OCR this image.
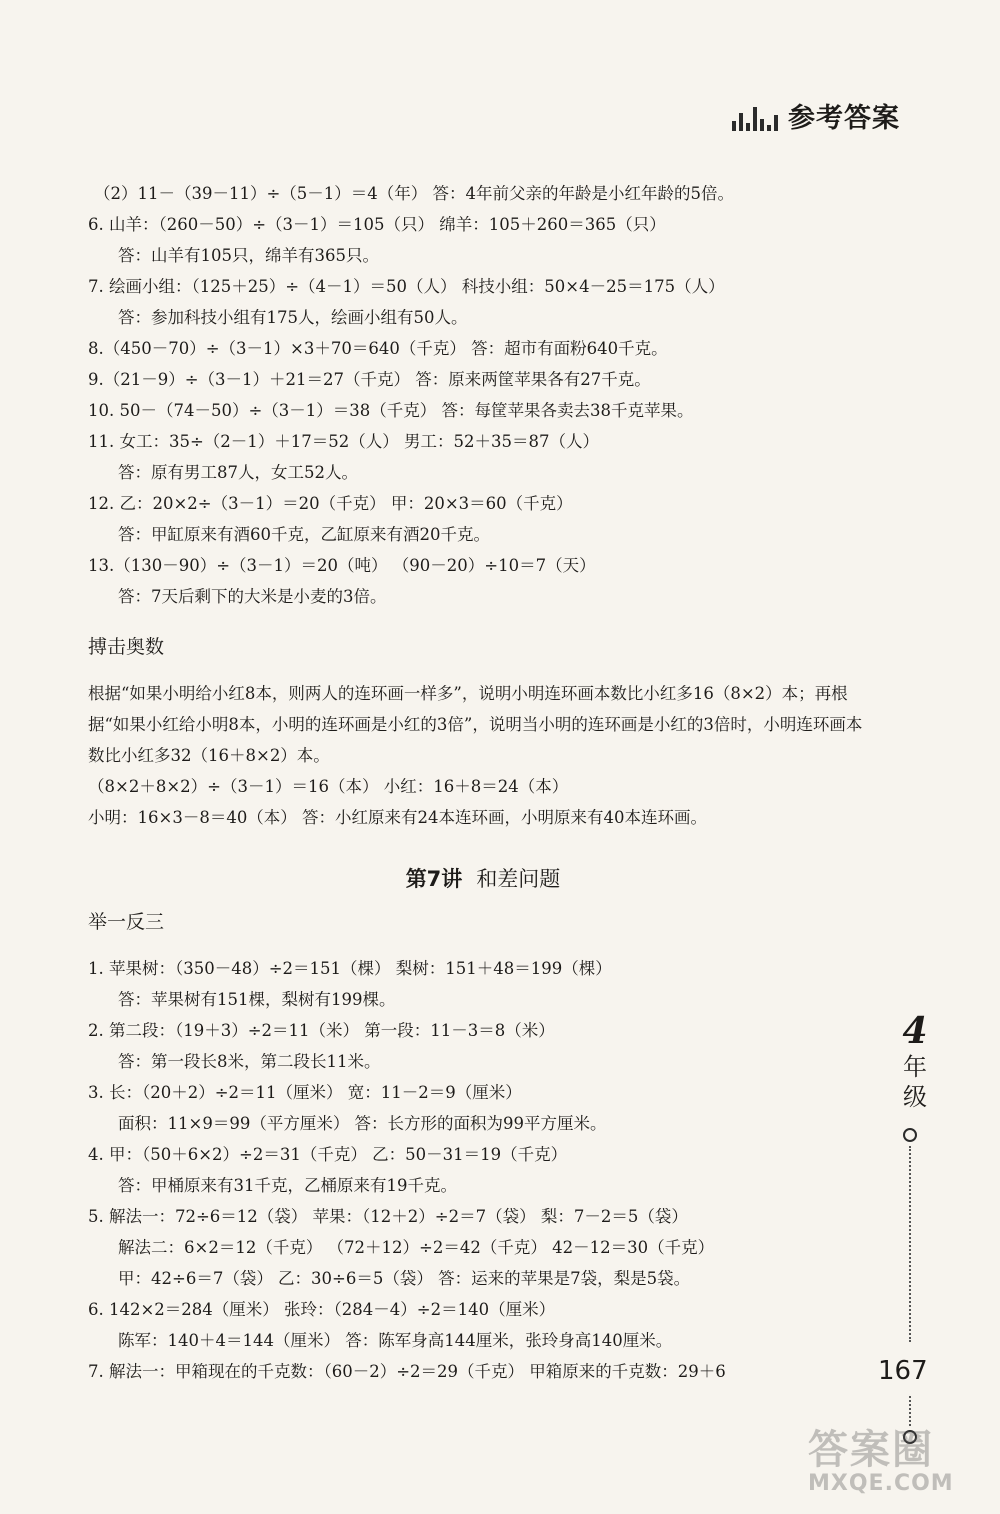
参考答案
（2）11－（39－11）÷（5－1）＝4（年） 答：4年前父亲的年龄是小红年龄的5倍。
6. 山羊：（260－50）÷（3－1）＝105（只） 绵羊：105＋260＝365（只）
答：山羊有105只，绵羊有365只。
7. 绘画小组：（125＋25）÷（4－1）＝50（人） 科技小组：50×4－25＝175（人）
答：参加科技小组有175人，绘画小组有50人。
8.（450－70）÷（3－1）×3＋70＝640（千克） 答：超市有面粉640千克。
9.（21－9）÷（3－1）＋21＝27（千克） 答：原来两筐苹果各有27千克。
10. 50－（74－50）÷（3－1）＝38（千克） 答：每筐苹果各卖去38千克苹果。
11. 女工：35÷（2－1）＋17＝52（人） 男工：52＋35＝87（人）
答：原有男工87人，女工52人。
12. 乙：20×2÷（3－1）＝20（千克） 甲：20×3＝60（千克）
答：甲缸原来有酒60千克，乙缸原来有酒20千克。
13.（130－90）÷（3－1）＝20（吨） （90－20）÷10＝7（天）
答：7天后剩下的大米是小麦的3倍。
搏击奥数
根据“如果小明给小红8本，则两人的连环画一样多”，说明小明连环画本数比小红多16（8×2）本；再根据“如果小红给小明8本，小明的连环画是小红的3倍”，说明当小明的连环画是小红的3倍时，小明连环画本数比小红多32（16＋8×2）本。
（8×2＋8×2）÷（3－1）＝16（本） 小红：16＋8＝24（本）
小明：16×3－8＝40（本） 答：小红原来有24本连环画，小明原来有40本连环画。
第7讲 和差问题
举一反三
1. 苹果树：（350－48）÷2＝151（棵） 梨树：151＋48＝199（棵）
答：苹果树有151棵，梨树有199棵。
2. 第二段：（19＋3）÷2＝11（米） 第一段：11－3＝8（米）
答：第一段长8米，第二段长11米。
3. 长：（20＋2）÷2＝11（厘米） 宽：11－2＝9（厘米）
面积：11×9＝99（平方厘米） 答：长方形的面积为99平方厘米。
4. 甲：（50＋6×2）÷2＝31（千克） 乙：50－31＝19（千克）
答：甲桶原来有31千克，乙桶原来有19千克。
5. 解法一：72÷6＝12（袋） 苹果：（12＋2）÷2＝7（袋） 梨：7－2＝5（袋）
解法二：6×2＝12（千克） （72＋12）÷2＝42（千克） 42－12＝30（千克）
甲：42÷6＝7（袋） 乙：30÷6＝5（袋） 答：运来的苹果是7袋，梨是5袋。
6. 142×2＝284（厘米） 张玲：（284－4）÷2＝140（厘米）
陈军：140＋4＝144（厘米） 答：陈军身高144厘米，张玲身高140厘米。
7. 解法一：甲箱现在的千克数：（60－2）÷2＝29（千克） 甲箱原来的千克数：29＋6
4
年
级
167
答案圈
MXQE.COM
